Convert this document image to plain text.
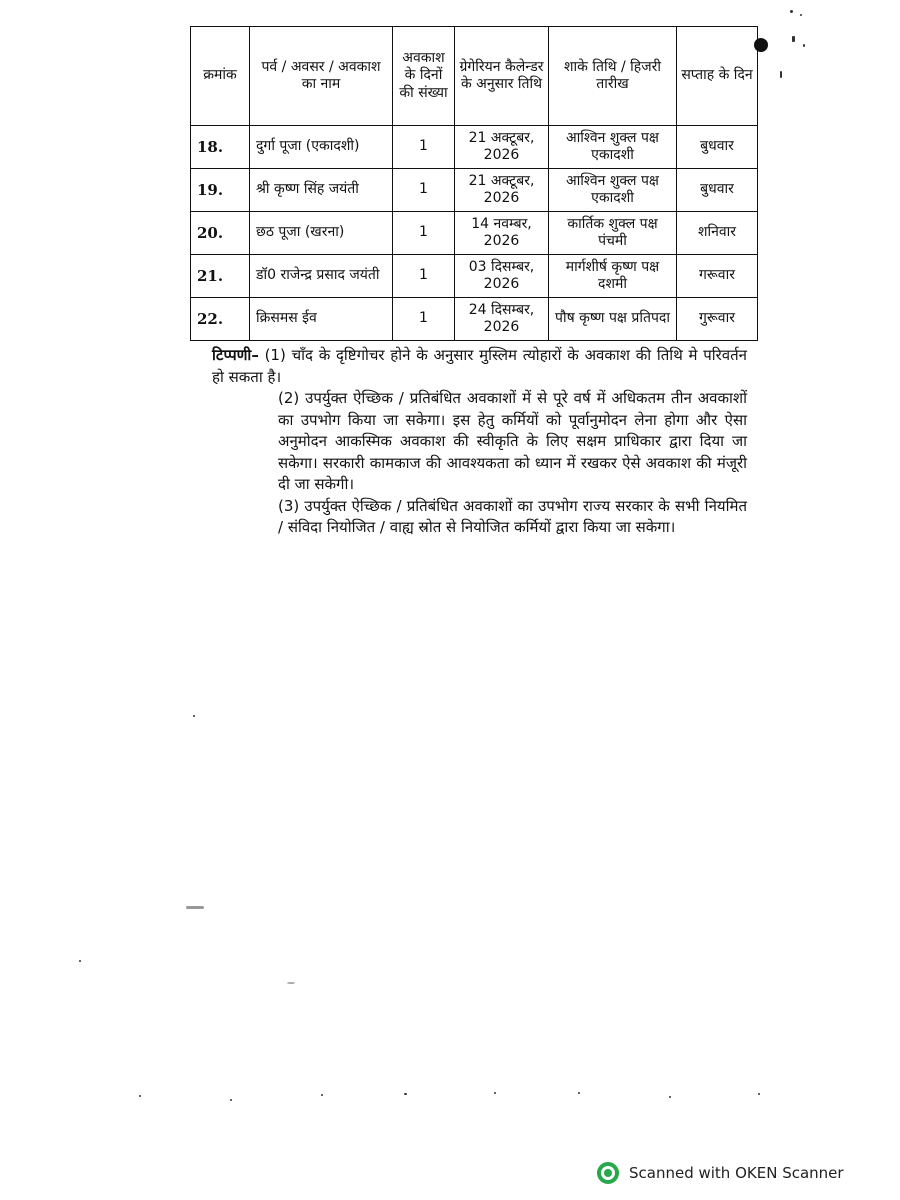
क्रमांक	पर्व / अवसर / अवकाश का नाम	अवकाश के दिनों की संख्या	ग्रेगेरियन कैलेन्डर के अनुसार तिथि	शाके तिथि / हिजरी तारीख	सप्ताह के दिन
18.	दुर्गा पूजा (एकादशी)	1	21 अक्टूबर, 2026	आश्विन शुक्ल पक्ष एकादशी	बुधवार
19.	श्री कृष्ण सिंह जयंती	1	21 अक्टूबर, 2026	आश्विन शुक्ल पक्ष एकादशी	बुधवार
20.	छठ पूजा (खरना)	1	14 नवम्बर, 2026	कार्तिक शुक्ल पक्ष पंचमी	शनिवार
21.	डॉ0 राजेन्द्र प्रसाद जयंती	1	03 दिसम्बर, 2026	मार्गशीर्ष कृष्ण पक्ष दशमी	गरूवार
22.	क्रिसमस ईव	1	24 दिसम्बर, 2026	पौष कृष्ण पक्ष प्रतिपदा	गुरूवार

टिप्पणी– (1) चाँद के दृष्टिगोचर होने के अनुसार मुस्लिम त्योहारों के अवकाश की तिथि मे परिवर्तन हो सकता है।

(2) उपर्युक्त ऐच्छिक / प्रतिबंधित अवकाशों में से पूरे वर्ष में अधिकतम तीन अवकाशों का उपभोग किया जा सकेगा। इस हेतु कर्मियों को पूर्वानुमोदन लेना होगा और ऐसा अनुमोदन आकस्मिक अवकाश की स्वीकृति के लिए सक्षम प्राधिकार द्वारा दिया जा सकेगा। सरकारी कामकाज की आवश्यकता को ध्यान में रखकर ऐसे अवकाश की मंजूरी दी जा सकेगी।

(3) उपर्युक्त ऐच्छिक / प्रतिबंधित अवकाशों का उपभोग राज्य सरकार के सभी नियमित / संविदा नियोजित / वाह्य स्रोत से नियोजित कर्मियों द्वारा किया जा सकेगा।

Scanned with OKEN Scanner
